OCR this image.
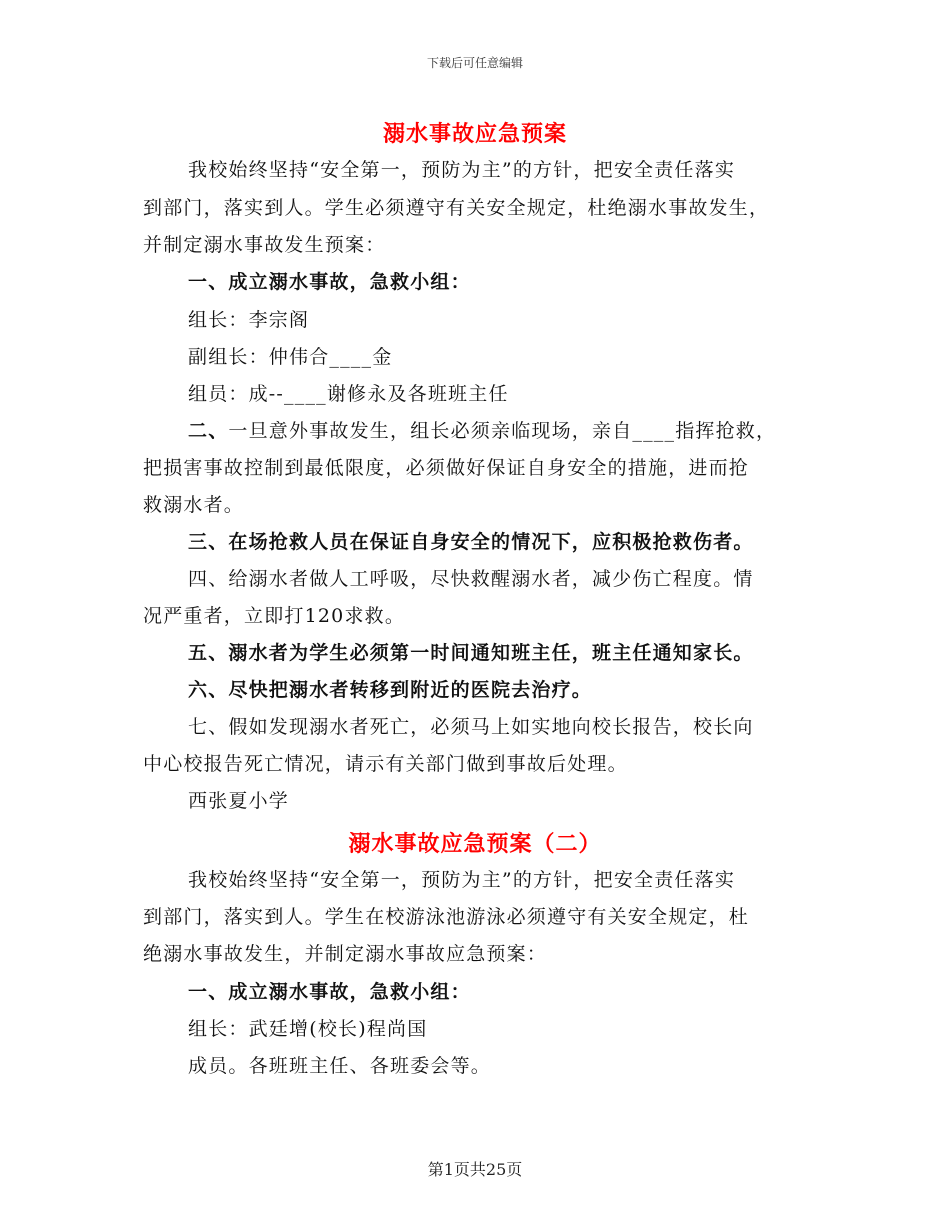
下载后可任意编辑
溺水事故应急预案
我校始终坚持“安全第一，预防为主”的方针，把安全责任落实
到部门，落实到人。学生必须遵守有关安全规定，杜绝溺水事故发生，
并制定溺水事故发生预案：
一、成立溺水事故，急救小组：
组长：李宗阁
副组长：仲伟合____金
组员：成--____谢修永及各班班主任
二、一旦意外事故发生，组长必须亲临现场，亲自____指挥抢救，
把损害事故控制到最低限度，必须做好保证自身安全的措施，进而抢
救溺水者。
三、在场抢救人员在保证自身安全的情况下，应积极抢救伤者。
四、给溺水者做人工呼吸，尽快救醒溺水者，减少伤亡程度。情
况严重者，立即打120求救。
五、溺水者为学生必须第一时间通知班主任，班主任通知家长。
六、尽快把溺水者转移到附近的医院去治疗。
七、假如发现溺水者死亡，必须马上如实地向校长报告，校长向
中心校报告死亡情况，请示有关部门做到事故后处理。
西张夏小学
溺水事故应急预案（二）
我校始终坚持“安全第一，预防为主”的方针，把安全责任落实
到部门，落实到人。学生在校游泳池游泳必须遵守有关安全规定，杜
绝溺水事故发生，并制定溺水事故应急预案：
一、成立溺水事故，急救小组：
组长：武廷增(校长)程尚国
成员。各班班主任、各班委会等。
第1页共25页
